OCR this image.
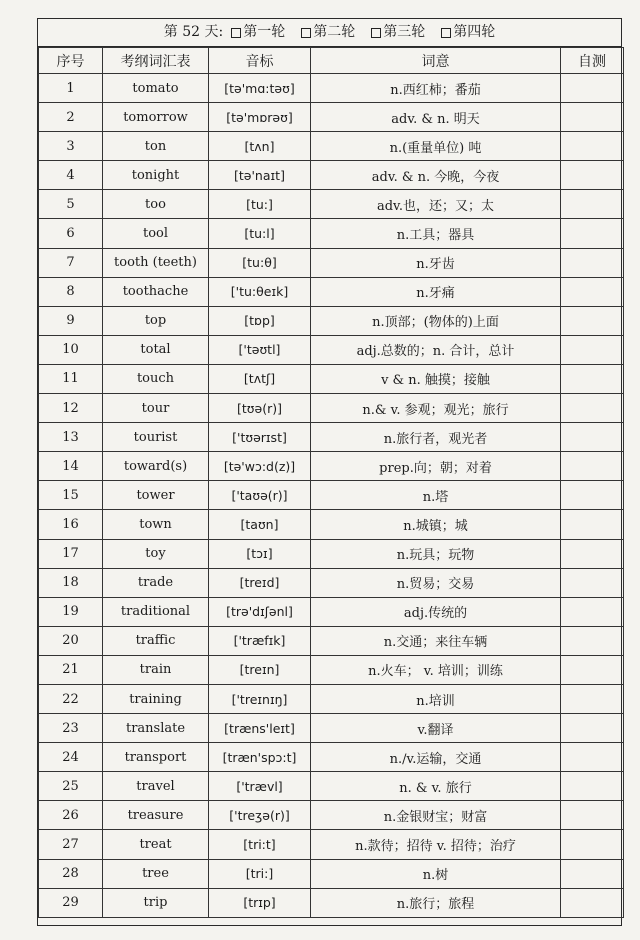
第 52 天: 第一轮 第二轮 第三轮 第四轮
序号	考纲词汇表	音标	词意	自测
1	tomato	[tə'mɑ:təʊ]	n.西红柿；番茄	
2	tomorrow	[tə'mɒrəʊ]	adv. & n. 明天	
3	ton	[tʌn]	n.(重量单位) 吨	
4	tonight	[tə'naɪt]	adv. & n. 今晚，今夜	
5	too	[tu:]	adv.也，还；又；太	
6	tool	[tu:l]	n.工具；器具	
7	tooth (teeth)	[tu:θ]	n.牙齿	
8	toothache	['tu:θeɪk]	n.牙痛	
9	top	[tɒp]	n.顶部；(物体的)上面	
10	total	['təʊtl]	adj.总数的；n. 合计，总计	
11	touch	[tʌtʃ]	v & n. 触摸；接触	
12	tour	[tʊə(r)]	n.& v. 参观；观光；旅行	
13	tourist	['tʊərɪst]	n.旅行者，观光者	
14	toward(s)	[tə'wɔ:d(z)]	prep.向；朝；对着	
15	tower	['taʊə(r)]	n.塔	
16	town	[taʊn]	n.城镇；城	
17	toy	[tɔɪ]	n.玩具；玩物	
18	trade	[treɪd]	n.贸易；交易	
19	traditional	[trə'dɪʃənl]	adj.传统的	
20	traffic	['træfɪk]	n.交通；来往车辆	
21	train	[treɪn]	n.火车； v. 培训；训练	
22	training	['treɪnɪŋ]	n.培训	
23	translate	[træns'leɪt]	v.翻译	
24	transport	[træn'spɔ:t]	n./v.运输，交通	
25	travel	['trævl]	n. & v. 旅行	
26	treasure	['treʒə(r)]	n.金银财宝；财富	
27	treat	[tri:t]	n.款待；招待 v. 招待；治疗	
28	tree	[tri:]	n.树	
29	trip	[trɪp]	n.旅行；旅程	
